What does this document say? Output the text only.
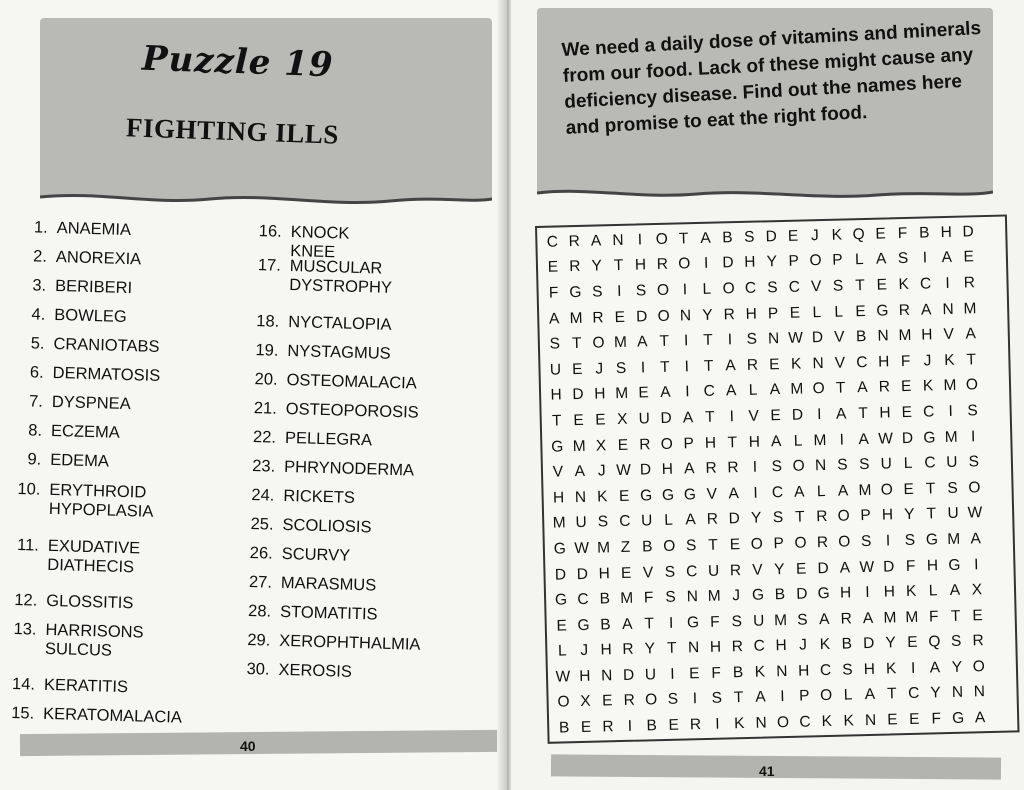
Puzzle 19
FIGHTING ILLS
1. ANAEMIA
2. ANOREXIA
3. BERIBERI
4. BOWLEG
5. CRANIOTABS
6. DERMATOSIS
7. DYSPNEA
8. ECZEMA
9. EDEMA
10. ERYTHROID
HYPOPLASIA
11. EXUDATIVE
DIATHECIS
12. GLOSSITIS
13. HARRISONS
SULCUS
14. KERATITIS
15. KERATOMALACIA
16. KNOCK KNEE
17. MUSCULAR
DYSTROPHY
18. NYCTALOPIA
19. NYSTAGMUS
20. OSTEOMALACIA
21. OSTEOPOROSIS
22. PELLEGRA
23. PHRYNODERMA
24. RICKETS
25. SCOLIOSIS
26. SCURVY
27. MARASMUS
28. STOMATITIS
29. XEROPHTHALMIA
30. XEROSIS
40
We need a daily dose of vitamins and minerals from our food. Lack of these might cause any deficiency disease. Find out the names here and promise to eat the right food.
C	R	A	N	I	O	T	A	B	S	D	E	J	K	Q	E	F	B	H	D
E	R	Y	T	H	R	O	I	D	H	Y	P	O	P	L	A	S	I	A	E
F	G	S	I	S	O	I	L	O	C	S	C	V	S	T	E	K	C	I	R
A	M	R	E	D	O	N	Y	R	H	P	E	L	L	E	G	R	A	N	M
S	T	O	M	A	T	I	T	I	S	N	W	D	V	B	N	M	H	V	A
U	E	J	S	I	T	I	T	A	R	E	K	N	V	C	H	F	J	K	T
H	D	H	M	E	A	I	C	A	L	A	M	O	T	A	R	E	K	M	O
T	E	E	X	U	D	A	T	I	V	E	D	I	A	T	H	E	C	I	S
G	M	X	E	R	O	P	H	T	H	A	L	M	I	A	W	D	G	M	I
V	A	J	W	D	H	A	R	R	I	S	O	N	S	S	U	L	C	U	S
H	N	K	E	G	G	G	V	A	I	C	A	L	A	M	O	E	T	S	O
M	U	S	C	U	L	A	R	D	Y	S	T	R	O	P	H	Y	T	U	W
G	W	M	Z	B	O	S	T	E	O	P	O	R	O	S	I	S	G	M	A
D	D	H	E	V	S	C	U	R	V	Y	E	D	A	W	D	F	H	G	I
G	C	B	M	F	S	N	M	J	G	B	D	G	H	I	H	K	L	A	X
E	G	B	A	T	I	G	F	S	U	M	S	A	R	A	M	M	F	T	E
L	J	H	R	Y	T	N	H	R	C	H	J	K	B	D	Y	E	Q	S	R
W	H	N	D	U	I	E	F	B	K	N	H	C	S	H	K	I	A	Y	O
O	X	E	R	O	S	I	S	T	A	I	P	O	L	A	T	C	Y	N	N
B	E	R	I	B	E	R	I	K	N	O	C	K	K	N	E	E	F	G	A
41
